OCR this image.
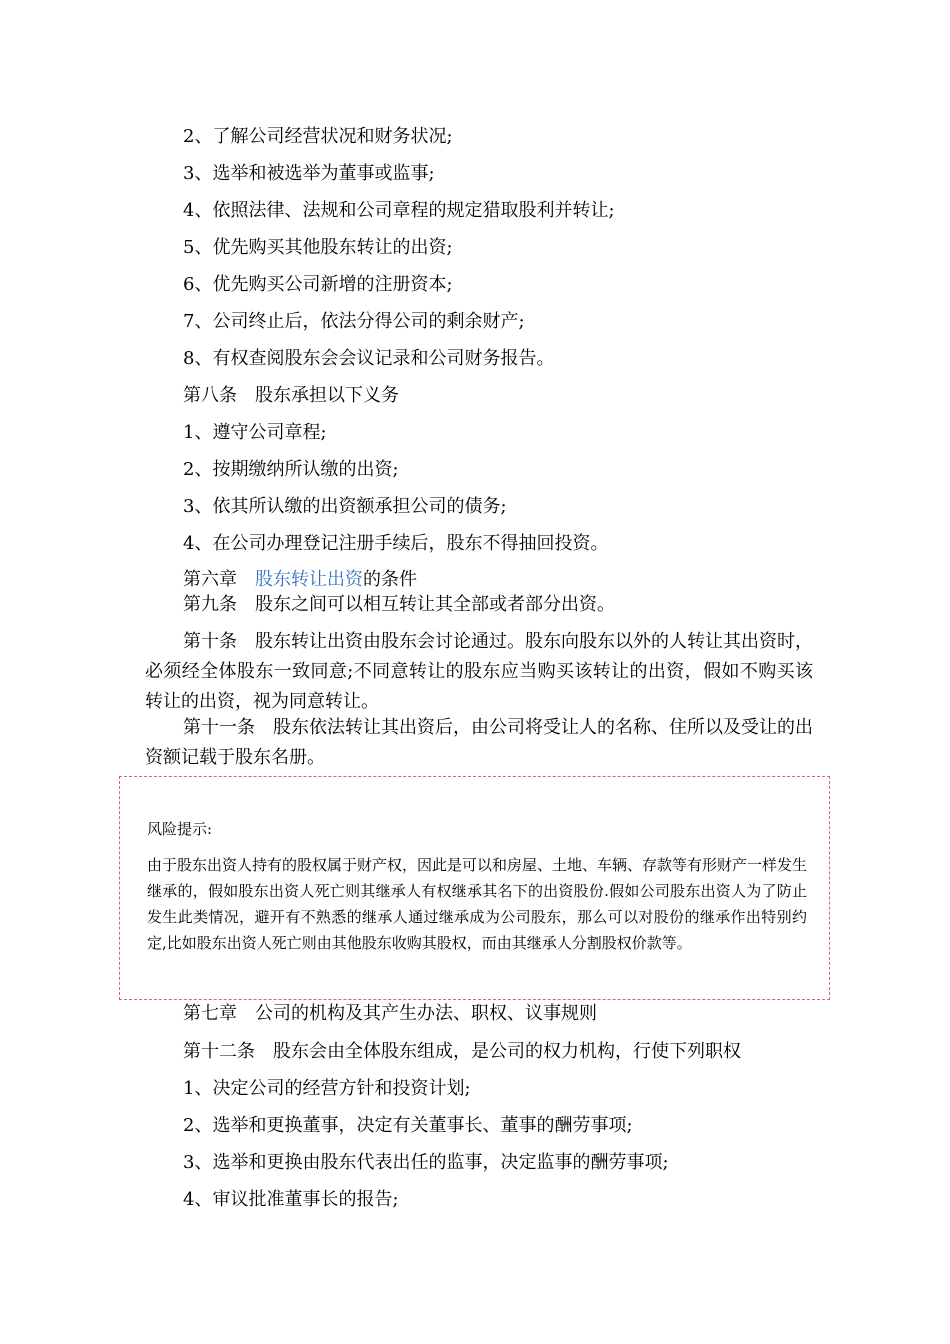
2、了解公司经营状况和财务状况;
3、选举和被选举为董事或监事;
4、依照法律、法规和公司章程的规定猎取股利并转让;
5、优先购买其他股东转让的出资;
6、优先购买公司新增的注册资本;
7、公司终止后，依法分得公司的剩余财产;
8、有权查阅股东会会议记录和公司财务报告。
第八条　股东承担以下义务
1、遵守公司章程;
2、按期缴纳所认缴的出资;
3、依其所认缴的出资额承担公司的债务;
4、在公司办理登记注册手续后，股东不得抽回投资。
第六章　股东转让出资的条件
第九条　股东之间可以相互转让其全部或者部分出资。
第十条　股东转让出资由股东会讨论通过。股东向股东以外的人转让其出资时，必须经全体股东一致同意;不同意转让的股东应当购买该转让的出资，假如不购买该转让的出资，视为同意转让。
第十一条　股东依法转让其出资后，由公司将受让人的名称、住所以及受让的出资额记载于股东名册。
风险提示:
由于股东出资人持有的股权属于财产权，因此是可以和房屋、土地、车辆、存款等有形财产一样发生继承的，假如股东出资人死亡则其继承人有权继承其名下的出资股份.假如公司股东出资人为了防止发生此类情况，避开有不熟悉的继承人通过继承成为公司股东，那么可以对股份的继承作出特别约定,比如股东出资人死亡则由其他股东收购其股权，而由其继承人分割股权价款等。
第七章　公司的机构及其产生办法、职权、议事规则
第十二条　股东会由全体股东组成，是公司的权力机构，行使下列职权
1、决定公司的经营方针和投资计划;
2、选举和更换董事，决定有关董事长、董事的酬劳事项;
3、选举和更换由股东代表出任的监事，决定监事的酬劳事项;
4、审议批准董事长的报告;
